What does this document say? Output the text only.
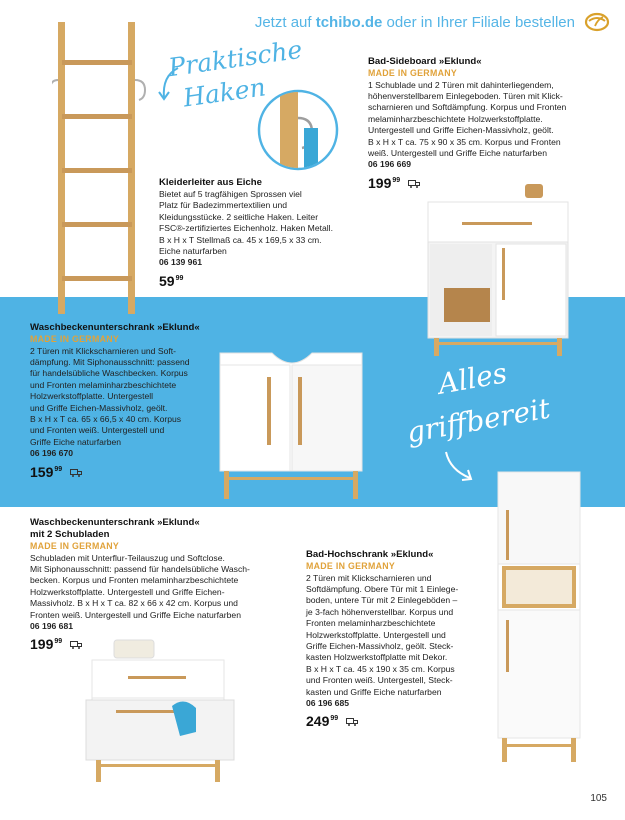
Jetzt auf tchibo.de oder in Ihrer Filiale bestellen
Praktische
Haken
Kleiderleiter aus Eiche
Bietet auf 5 tragfähigen Sprossen viel
Platz für Badezimmertextilien und
Kleidungsstücke. 2 seitliche Haken. Leiter
FSC®-zertifiziertes Eichenholz. Haken Metall.
B x H x T Stellmaß ca. 45 x 169,5 x 33 cm.
Eiche naturfarben
06 139 961
$59^{99}$
Bad-Sideboard »Eklund«
MADE IN GERMANY
1 Schublade und 2 Türen mit dahinterliegendem,
höhenverstellbarem Einlegeboden. Türen mit Klick-
scharnieren und Softdämpfung. Korpus und Fronten
melaminharzbeschichtete Holzwerkstoffplatte.
Untergestell und Griffe Eichen-Massivholz, geölt.
B x H x T ca. 75 x 90 x 35 cm. Korpus und Fronten
weiß. Untergestell und Griffe Eiche naturfarben
06 196 669
$199^{99}$
Waschbeckenunterschrank »Eklund«
MADE IN GERMANY
2 Türen mit Klickscharnieren und Soft-
dämpfung. Mit Siphonausschnitt: passend
für handelsübliche Waschbecken. Korpus
und Fronten melaminharzbeschichtete
Holzwerkstoffplatte. Untergestell
und Griffe Eichen-Massivholz, geölt.
B x H x T ca. 65 x 66,5 x 40 cm. Korpus
und Fronten weiß. Untergestell und
Griffe Eiche naturfarben
06 196 670
$159^{99}$
Alles
griffbereit
Waschbeckenunterschrank »Eklund«
mit 2 Schubladen
MADE IN GERMANY
Schubladen mit Unterflur-Teilauszug und Softclose.
Mit Siphonausschnitt: passend für handelsübliche Wasch-
becken. Korpus und Fronten melaminharzbeschichtete
Holzwerkstoffplatte. Untergestell und Griffe Eichen-
Massivholz. B x H x T ca. 82 x 66 x 42 cm. Korpus und
Fronten weiß. Untergestell und Griffe Eiche naturfarben
06 196 681
$199^{99}$
Bad-Hochschrank »Eklund«
MADE IN GERMANY
2 Türen mit Klickscharnieren und
Softdämpfung. Obere Tür mit 1 Einlege-
boden, untere Tür mit 2 Einlegeböden –
je 3-fach höhenverstellbar. Korpus und
Fronten melaminharzbeschichtete
Holzwerkstoffplatte. Untergestell und
Griffe Eichen-Massivholz, geölt. Steck-
kasten Holzwerkstoffplatte mit Dekor.
B x H x T ca. 45 x 190 x 35 cm. Korpus
und Fronten weiß. Untergestell, Steck-
kasten und Griffe Eiche naturfarben
06 196 685
$249^{99}$
105
